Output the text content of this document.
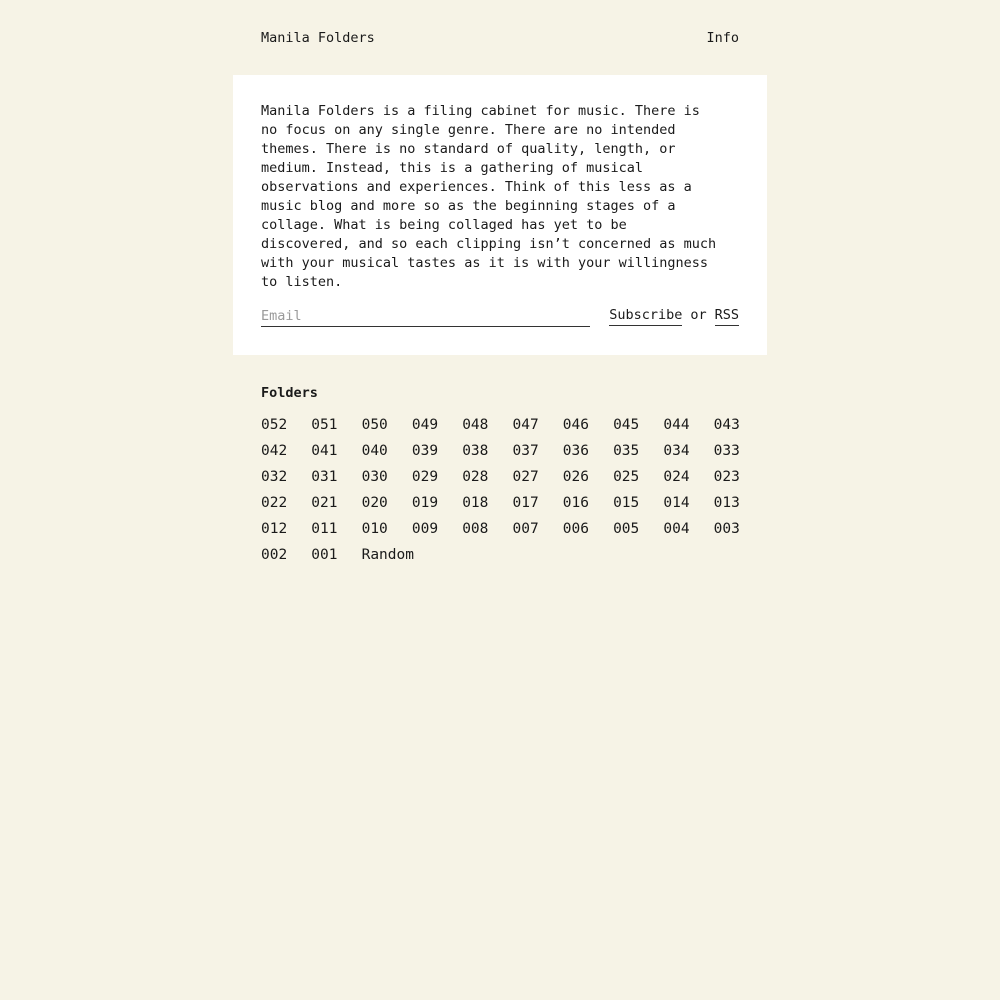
Manila Folders	Info

Manila Folders is a filing cabinet for music. There is
no focus on any single genre. There are no intended
themes. There is no standard of quality, length, or
medium. Instead, this is a gathering of musical
observations and experiences. Think of this less as a
music blog and more so as the beginning stages of a
collage. What is being collaged has yet to be
discovered, and so each clipping isn’t concerned as much
with your musical tastes as it is with your willingness
to listen.

Email
Subscribe or RSS
Folders
052	051	050	049	048	047	046	045	044	043
042	041	040	039	038	037	036	035	034	033
032	031	030	029	028	027	026	025	024	023
022	021	020	019	018	017	016	015	014	013
012	011	010	009	008	007	006	005	004	003
002	001	Random
